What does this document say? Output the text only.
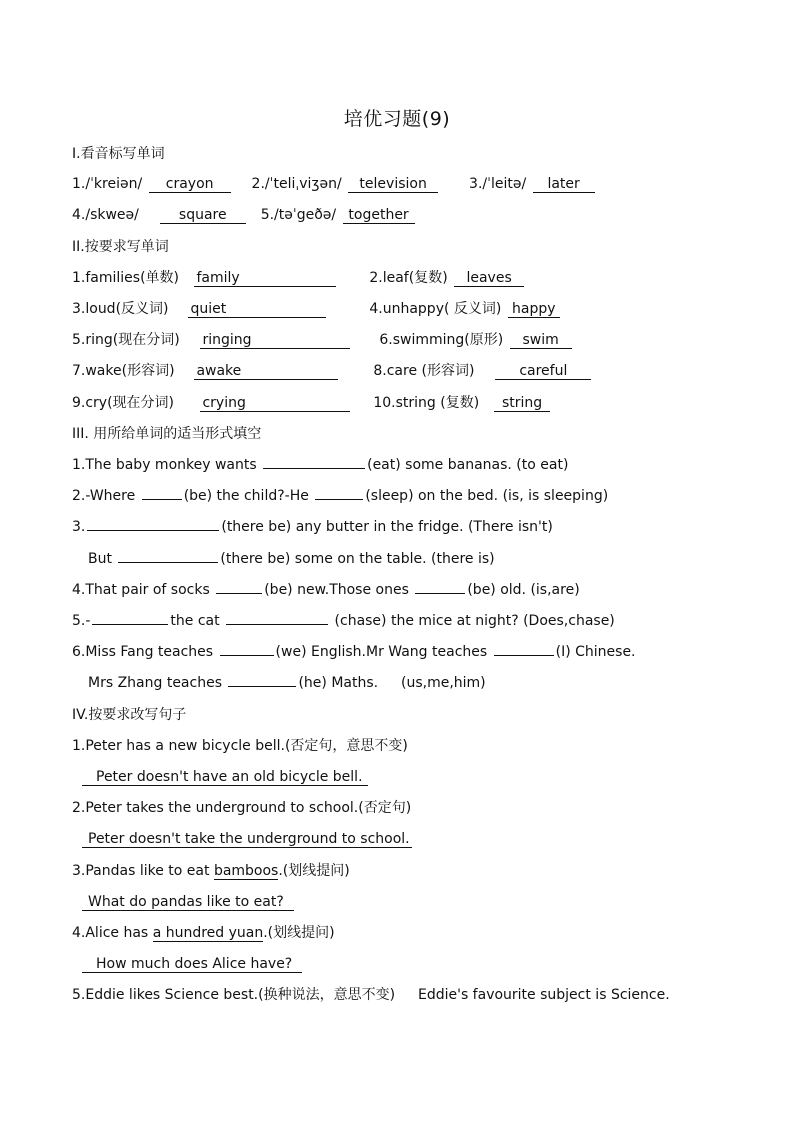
培优习题(9)
I.看音标写单词
1./ˈkreiən/ crayon	2./ˈteliˌviʒən/ television	3./ˈleitə/ later
4./skweə/	square 5./təˈgeðə/ together
II.按要求写单词
1.families(单数) family	2.leaf(复数) leaves
3.loud(反义词) quiet	4.unhappy( 反义词) happy
5.ring(现在分词) ringing	6.swimming(原形) swim
7.wake(形容词) awake	8.care (形容词)	careful
9.cry(现在分词) crying	10.string (复数) string
III. 用所给单词的适当形式填空
1.The baby monkey wants	(eat) some bananas. (to eat)
2.-Where	(be) the child?-He	(sleep) on the bed. (is, is sleeping)
3.	(there be) any butter in the fridge. (There isn't)
But	(there be) some on the table. (there is)
4.That pair of socks	(be) new.Those ones	(be) old. (is,are)
5.-	the cat	(chase) the mice at night? (Does,chase)
6.Miss Fang teaches	(we) English.Mr Wang teaches	(I) Chinese.
Mrs Zhang teaches	(he) Maths. (us,me,him)
IV.按要求改写句子
1.Peter has a new bicycle bell.(否定句，意思不变)
Peter doesn't have an old bicycle bell.
2.Peter takes the underground to school.(否定句)
Peter doesn't take the underground to school.
3.Pandas like to eat bamboos.(划线提问)
What do pandas like to eat?
4.Alice has a hundred yuan.(划线提问)
How much does Alice have?
5.Eddie likes Science best.(换种说法，意思不变) Eddie's favourite subject is Science.
